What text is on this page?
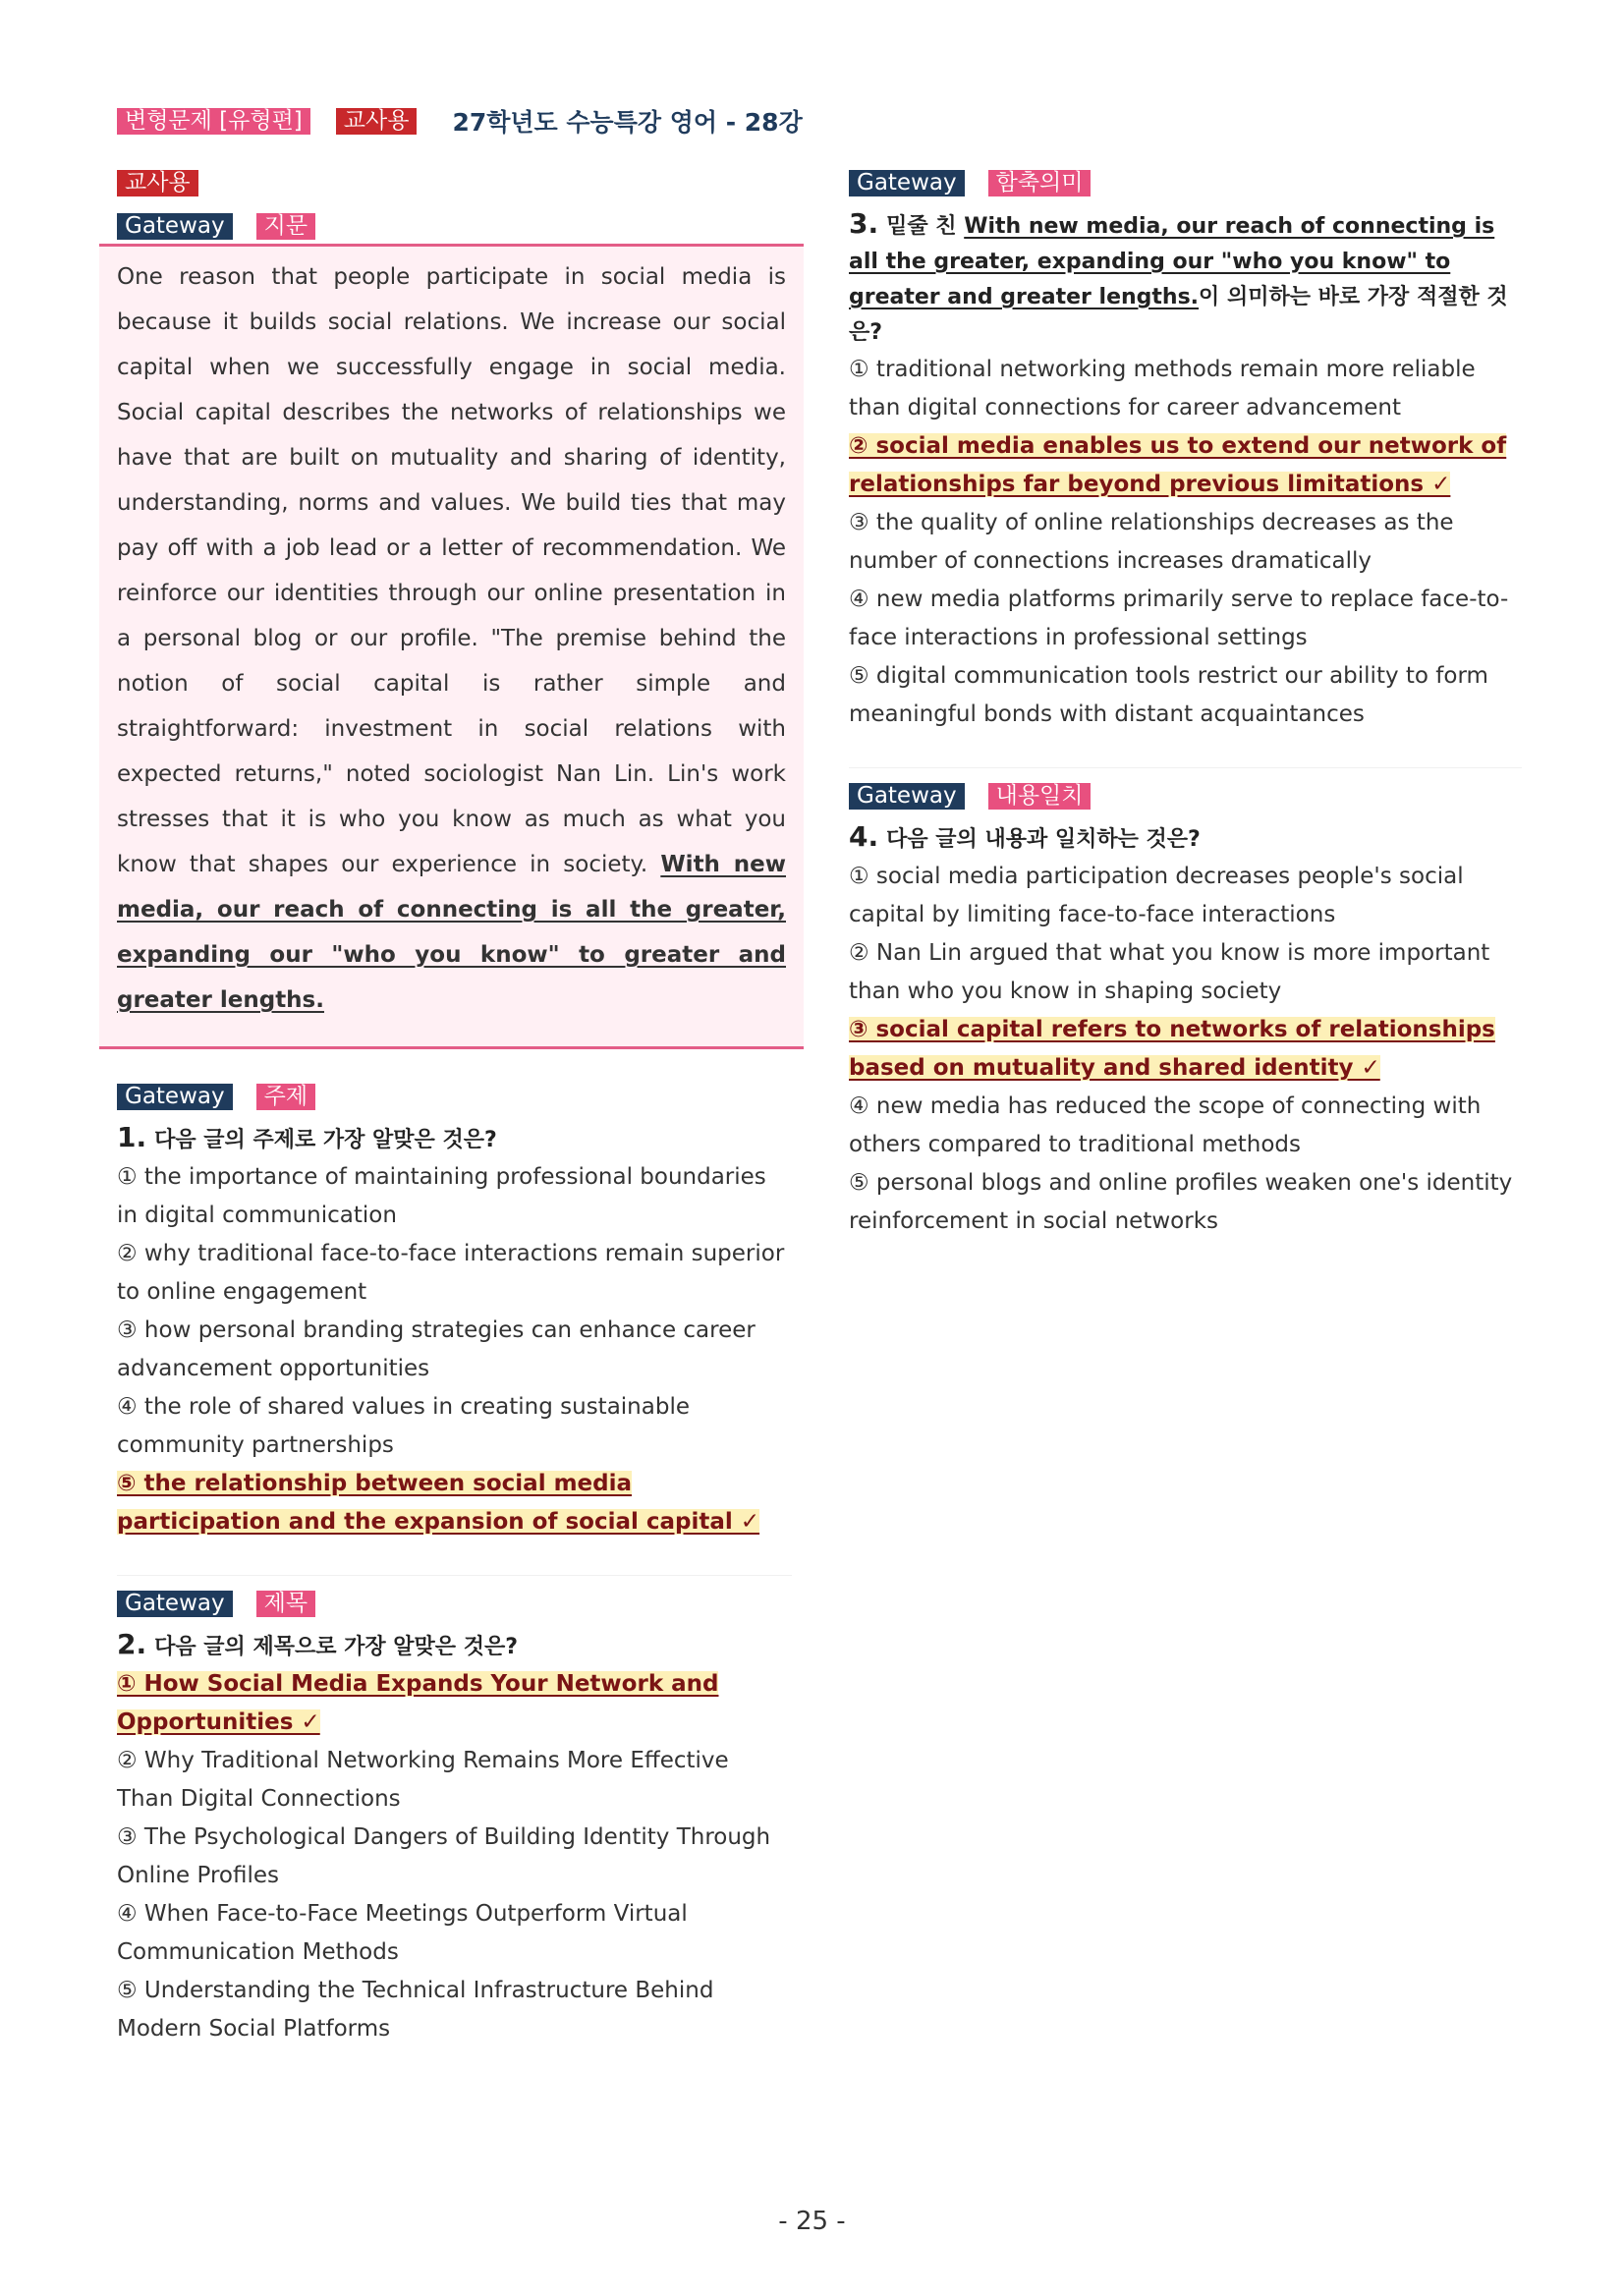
변형문제 [유형편]	교사용	27학년도 수능특강 영어 - 28강
교사용
Gateway	지문

One reason that people participate in social media is because it builds social relations. We increase our social capital when we successfully engage in social media. Social capital describes the networks of relationships we have that are built on mutuality and sharing of identity, understanding, norms and values. We build ties that may pay off with a job lead or a letter of recommendation. We reinforce our identities through our online presentation in a personal blog or our profile. "The premise behind the notion of social capital is rather simple and straightforward: investment in social relations with expected returns," noted sociologist Nan Lin. Lin's work stresses that it is who you know as much as what you know that shapes our experience in society. With new media, our reach of connecting is all the greater, expanding our "who you know" to greater and greater lengths.

Gateway	주제
1. 다음 글의 주제로 가장 알맞은 것은?

① the importance of maintaining professional boundaries in digital communication

② why traditional face-to-face interactions remain superior to online engagement

③ how personal branding strategies can enhance career advancement opportunities

④ the role of shared values in creating sustainable community partnerships

⑤ the relationship between social media participation and the expansion of social capital ✓

Gateway	제목
2. 다음 글의 제목으로 가장 알맞은 것은?

① How Social Media Expands Your Network and Opportunities ✓

② Why Traditional Networking Remains More Effective Than Digital Connections

③ The Psychological Dangers of Building Identity Through Online Profiles

④ When Face-to-Face Meetings Outperform Virtual Communication Methods

⑤ Understanding the Technical Infrastructure Behind Modern Social Platforms

Gateway	함축의미
3. 밑줄 친 With new media, our reach of connecting is all the greater, expanding our "who you know" to greater and greater lengths.이 의미하는 바로 가장 적절한 것은?

① traditional networking methods remain more reliable than digital connections for career advancement

② social media enables us to extend our network of relationships far beyond previous limitations ✓

③ the quality of online relationships decreases as the number of connections increases dramatically

④ new media platforms primarily serve to replace face-to-face interactions in professional settings

⑤ digital communication tools restrict our ability to form meaningful bonds with distant acquaintances

Gateway	내용일치
4. 다음 글의 내용과 일치하는 것은?

① social media participation decreases people's social capital by limiting face-to-face interactions

② Nan Lin argued that what you know is more important than who you know in shaping society

③ social capital refers to networks of relationships based on mutuality and shared identity ✓

④ new media has reduced the scope of connecting with others compared to traditional methods

⑤ personal blogs and online profiles weaken one's identity reinforcement in social networks

- 25 -
